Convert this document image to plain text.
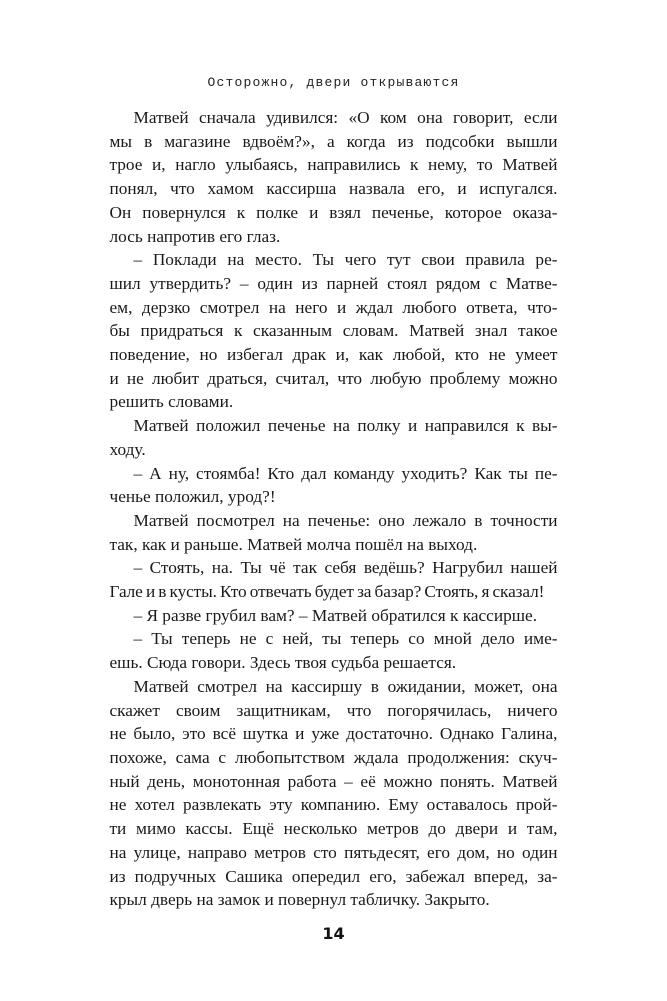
Осторожно, двери открываются
Матвей сначала удивился: «О ком она говорит, если
мы в магазине вдвоём?», а когда из подсобки вышли
трое и, нагло улыбаясь, направились к нему, то Матвей
понял, что хамом кассирша назвала его, и испугался.
Он повернулся к полке и взял печенье, которое оказа-
лось напротив его глаз.
– Поклади на место. Ты чего тут свои правила ре-
шил утвердить? – один из парней стоял рядом с Матве-
ем, дерзко смотрел на него и ждал любого ответа, что-
бы придраться к сказанным словам. Матвей знал такое
поведение, но избегал драк и, как любой, кто не умеет
и не любит драться, считал, что любую проблему можно
решить словами.
Матвей положил печенье на полку и направился к вы-
ходу.
– А ну, стоямба! Кто дал команду уходить? Как ты пе-
ченье положил, урод?!
Матвей посмотрел на печенье: оно лежало в точности
так, как и раньше. Матвей молча пошёл на выход.
– Стоять, на. Ты чё так себя ведёшь? Нагрубил нашей
Гале и в кусты. Кто отвечать будет за базар? Стоять, я сказал!
– Я разве грубил вам? – Матвей обратился к кассирше.
– Ты теперь не с ней, ты теперь со мной дело име-
ешь. Сюда говори. Здесь твоя судьба решается.
Матвей смотрел на кассиршу в ожидании, может, она
скажет своим защитникам, что погорячилась, ничего
не было, это всё шутка и уже достаточно. Однако Галина,
похоже, сама с любопытством ждала продолжения: скуч-
ный день, монотонная работа – её можно понять. Матвей
не хотел развлекать эту компанию. Ему оставалось прой-
ти мимо кассы. Ещё несколько метров до двери и там,
на улице, направо метров сто пятьдесят, его дом, но один
из подручных Сашика опередил его, забежал вперед, за-
крыл дверь на замок и повернул табличку. Закрыто.
14
